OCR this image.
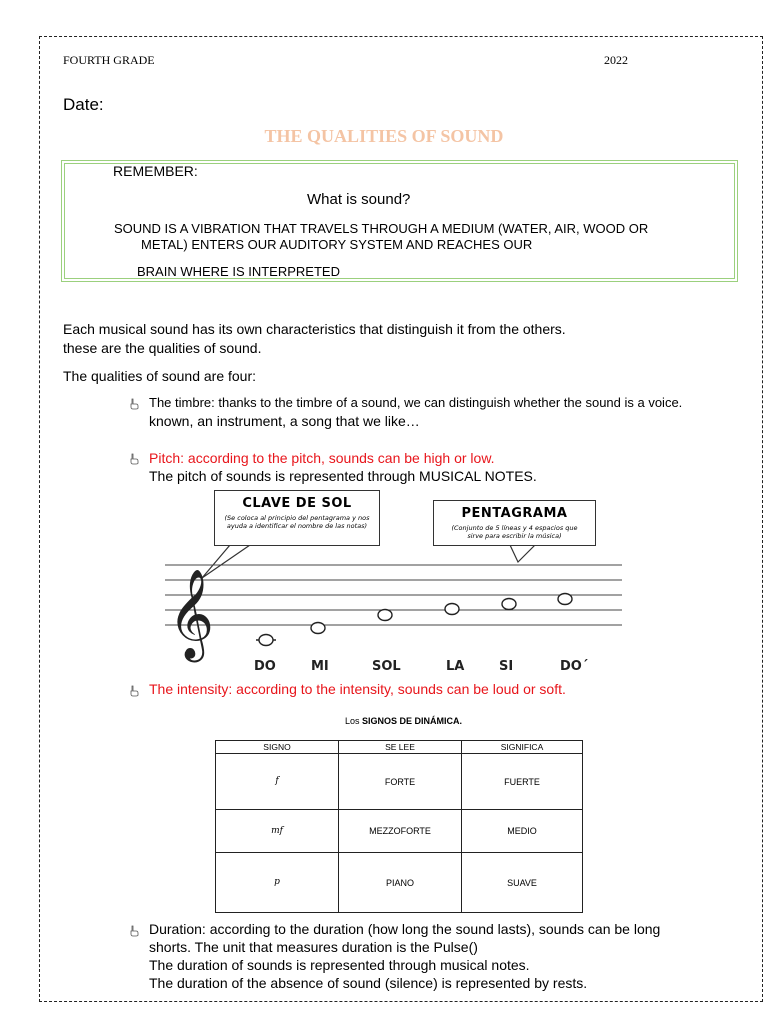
FOURTH GRADE	2022
Date:
THE QUALITIES OF SOUND
REMEMBER:
What is sound?
SOUND IS A VIBRATION THAT TRAVELS THROUGH A MEDIUM (WATER, AIR, WOOD OR
METAL) ENTERS OUR AUDITORY SYSTEM AND REACHES OUR
BRAIN WHERE IS INTERPRETED
Each musical sound has its own characteristics that distinguish it from the others.
these are the qualities of sound.
The qualities of sound are four:
The timbre: thanks to the timbre of a sound, we can distinguish whether the sound is a voice.
known, an instrument, a song that we like…
Pitch: according to the pitch, sounds can be high or low.
The pitch of sounds is represented through MUSICAL NOTES.
𝄞
CLAVE DE SOL
(Se coloca al principio del pentagrama y nos ayuda a identificar el nombre de las notas)
PENTAGRAMA
(Conjunto de 5 líneas y 4 espacios que sirve para escribir la música)
DO	MI	SOL	LA	SI	DO´
The intensity: according to the intensity, sounds can be loud or soft.
Los SIGNOS DE DINÁMICA.
SIGNO	SE LEE	SIGNIFICA
f	FORTE	FUERTE
mf	MEZZOFORTE	MEDIO
p	PIANO	SUAVE
Duration: according to the duration (how long the sound lasts), sounds can be long
shorts. The unit that measures duration is the Pulse()
The duration of sounds is represented through musical notes.
The duration of the absence of sound (silence) is represented by rests.
